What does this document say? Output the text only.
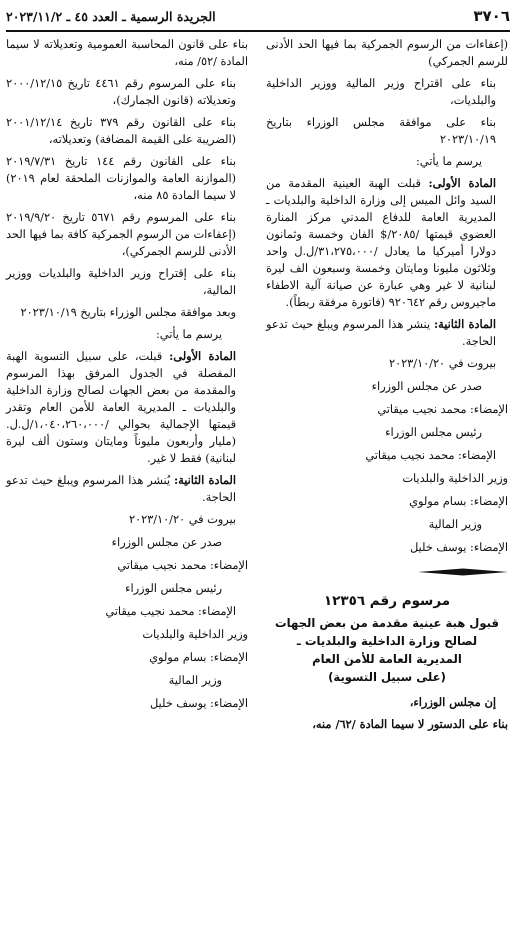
٣٧٠٦
الجريدة الرسمية ـ العدد ٤٥ ـ ٢٠٢٣/١١/٢

(إعفاءات من الرسوم الجمركية بما فيها الحد الأدنى للرسم الجمركي)

بناء على اقتراح وزير المالية ووزير الداخلية والبلديات،

بناء على موافقة مجلس الوزراء بتاريخ ٢٠٢٣/١٠/١٩

يرسم ما يأتي:

المادة الأولى: قبلت الهبة العينية المقدمة من السيد وائل الميس إلى وزارة الداخلية والبلديات ـ المديرية العامة للدفاع المدني مركز المنارة العضوي قيمتها /٢٠٨٥/$ الفان وخمسة وثمانون دولارا أميركيا ما يعادل /٣١،٢٧٥،٠٠٠/ل.ل واحد وثلاثون مليونا ومايتان وخمسة وسبعون الف ليرة لبنانية لا غير وهي عبارة عن صيانة آلية الاطفاء ماجيروس رقم ٩٢٠٦٤٢ (فاتورة مرفقة ربطاً).

المادة الثانية: ينشر هذا المرسوم ويبلغ حيث تدعو الحاجة.

بيروت في ٢٠٢٣/١٠/٢٠

صدر عن مجلس الوزراء

الإمضاء: محمد نجيب ميقاتي

رئيس مجلس الوزراء

الإمضاء: محمد نجيب ميقاتي

وزير الداخلية والبلديات

الإمضاء: بسام مولوي

وزير المالية

الإمضاء: يوسف خليل

مرسوم رقم ١٢٣٥٦
قبول هبة عينية مقدمة من بعض الجهات
لصالح وزارة الداخلية والبلديات ـ
المديرية العامة للأمن العام
(على سبيل التسوية)

إن مجلس الوزراء،

بناء على الدستور لا سيما المادة /٦٢/ منه،

بناء على قانون المحاسبة العمومية وتعديلاته لا سيما المادة /٥٢/ منه،

بناء على المرسوم رقم ٤٤٦١ تاريخ ٢٠٠٠/١٢/١٥ وتعديلاته (قانون الجمارك)،

بناء على القانون رقم ٣٧٩ تاريخ ٢٠٠١/١٢/١٤ (الضريبة على القيمة المضافة) وتعديلاته،

بناء على القانون رقم ١٤٤ تاريخ ٢٠١٩/٧/٣١ (الموازنة العامة والموازنات الملحقة لعام ٢٠١٩) لا سيما المادة ٨٥ منه،

بناء على المرسوم رقم ٥٦٧١ تاريخ ٢٠١٩/٩/٢٠ (إعفاءات من الرسوم الجمركية كافة بما فيها الحد الأدنى للرسم الجمركي)،

بناء على إقتراح وزير الداخلية والبلديات ووزير المالية،

وبعد موافقة مجلس الوزراء بتاريخ ٢٠٢٣/١٠/١٩

يرسم ما يأتي:

المادة الأولى: قبلت، على سبيل التسوية الهبة المفصلة في الجدول المرفق بهذا المرسوم والمقدمة من بعض الجهات لصالح وزارة الداخلية والبلديات ـ المديرية العامة للأمن العام وتقدر قيمتها الإجمالية بحوالي /١،٠٤٠،٢٦٠،٠٠٠/ل.ل. (مليار وأربعون مليوناً ومايتان وستون ألف ليرة لبنانية) فقط لا غير.

المادة الثانية: يُنشر هذا المرسوم ويبلغ حيث تدعو الحاجة.

بيروت في ٢٠٢٣/١٠/٢٠

صدر عن مجلس الوزراء

الإمضاء: محمد نجيب ميقاتي

رئيس مجلس الوزراء

الإمضاء: محمد نجيب ميقاتي

وزير الداخلية والبلديات

الإمضاء: بسام مولوي

وزير المالية

الإمضاء: يوسف خليل
